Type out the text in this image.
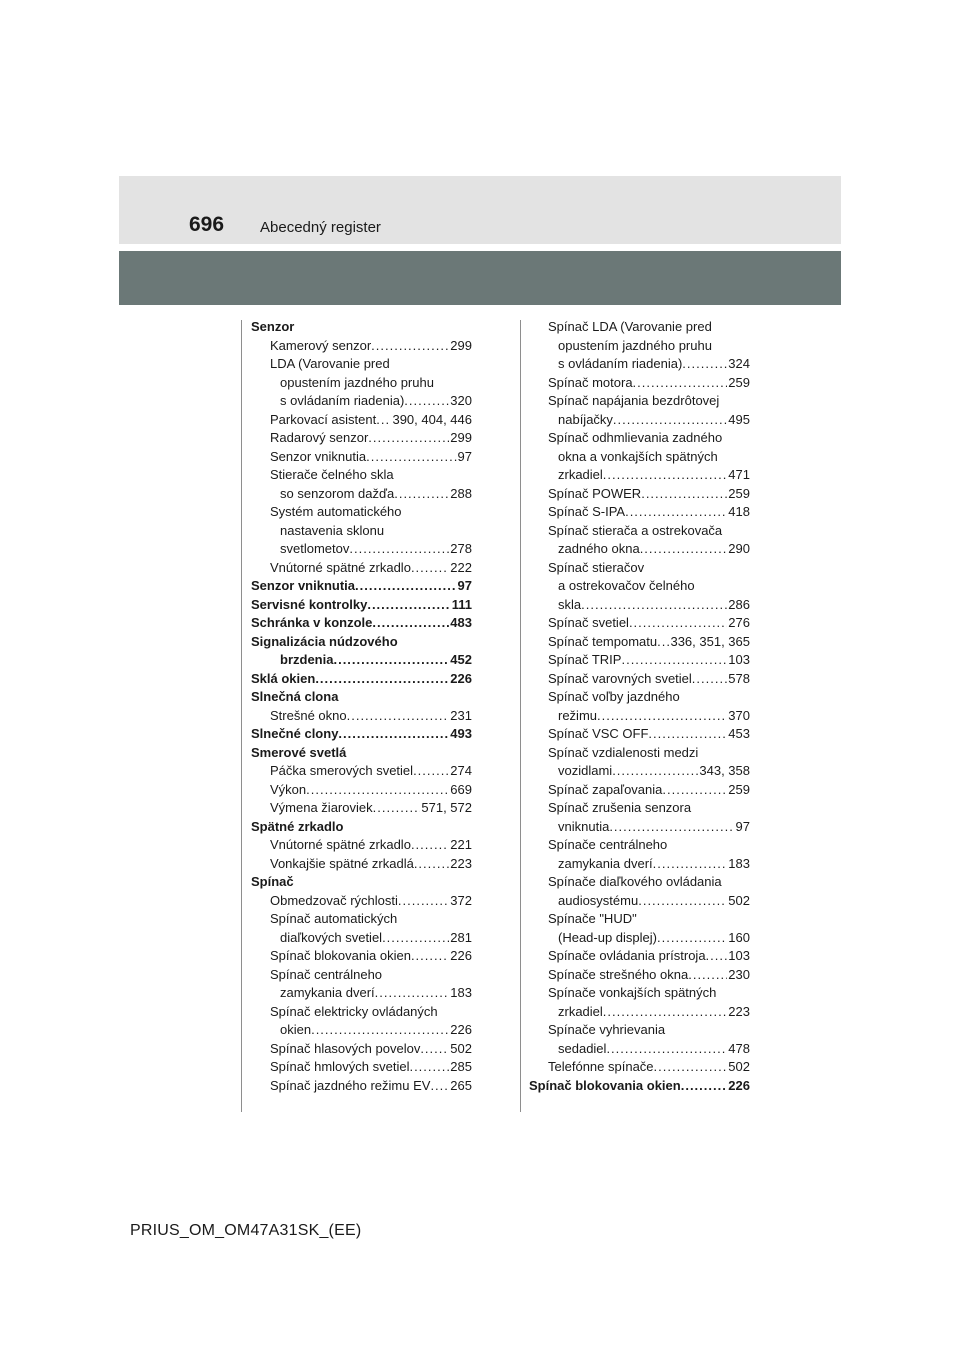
696 Abecedný register
Senzor
Kamerový senzor .....	299
LDA (Varovanie pred
opustením jazdného pruhu
s ovládaním riadenia) .....	320
Parkovací asistent ..... 390, 404, 446
Radarový senzor .....	299
Senzor vniknutia .....	97
Stierače čelného skla
so senzorom dažďa .....	288
Systém automatického
nastavenia sklonu
svetlometov .....	278
Vnútorné spätné zrkadlo .....	222
Senzor vniknutia .....	97
Servisné kontrolky .....	111
Schránka v konzole .....	483
Signalizácia núdzového
brzdenia .....	452
Sklá okien .....	226
Slnečná clona
Strešné okno .....	231
Slnečné clony .....	493
Smerové svetlá
Páčka smerových svetiel .....	274
Výkon .....	669
Výmena žiaroviek .....	571, 572
Spätné zrkadlo
Vnútorné spätné zrkadlo .....	221
Vonkajšie spätné zrkadlá .....	223
Spínač
Obmedzovač rýchlosti .....	372
Spínač automatických
diaľkových svetiel .....	281
Spínač blokovania okien .....	226
Spínač centrálneho
zamykania dverí .....	183
Spínač elektricky ovládaných
okien .....	226
Spínač hlasových povelov ..... 502
Spínač hmlových svetiel .....	285
Spínač jazdného režimu EV ..... 265
Spínač LDA (Varovanie pred
opustením jazdného pruhu
s ovládaním riadenia) .....	324
Spínač motora .....	259
Spínač napájania bezdrôtovej
nabíjačky .....	495
Spínač odhmlievania zadného
okna a vonkajších spätných
zrkadiel .....	471
Spínač POWER .....	259
Spínač S-IPA .....	418
Spínač stierača a ostrekovača
zadného okna .....	290
Spínač stieračov
a ostrekovačov čelného
skla .....	286
Spínač svetiel .....	276
Spínač tempomatu ..... 336, 351, 365
Spínač TRIP .....	103
Spínač varovných svetiel .....	578
Spínač voľby jazdného
režimu .....	370
Spínač VSC OFF .....	453
Spínač vzdialenosti medzi
vozidlami .....	343, 358
Spínač zapaľovania .....	259
Spínač zrušenia senzora
vniknutia .....	97
Spínače centrálneho
zamykania dverí .....	183
Spínače diaľkového ovládania
audiosystému .....	502
Spínače "HUD"
(Head-up displej) .....	160
Spínače ovládania prístroja ..... 103
Spínače strešného okna .....	230
Spínače vonkajších spätných
zrkadiel .....	223
Spínače vyhrievania
sedadiel .....	478
Telefónne spínače .....	502
Spínač blokovania okien .....	226
PRIUS_OM_OM47A31SK_(EE)
